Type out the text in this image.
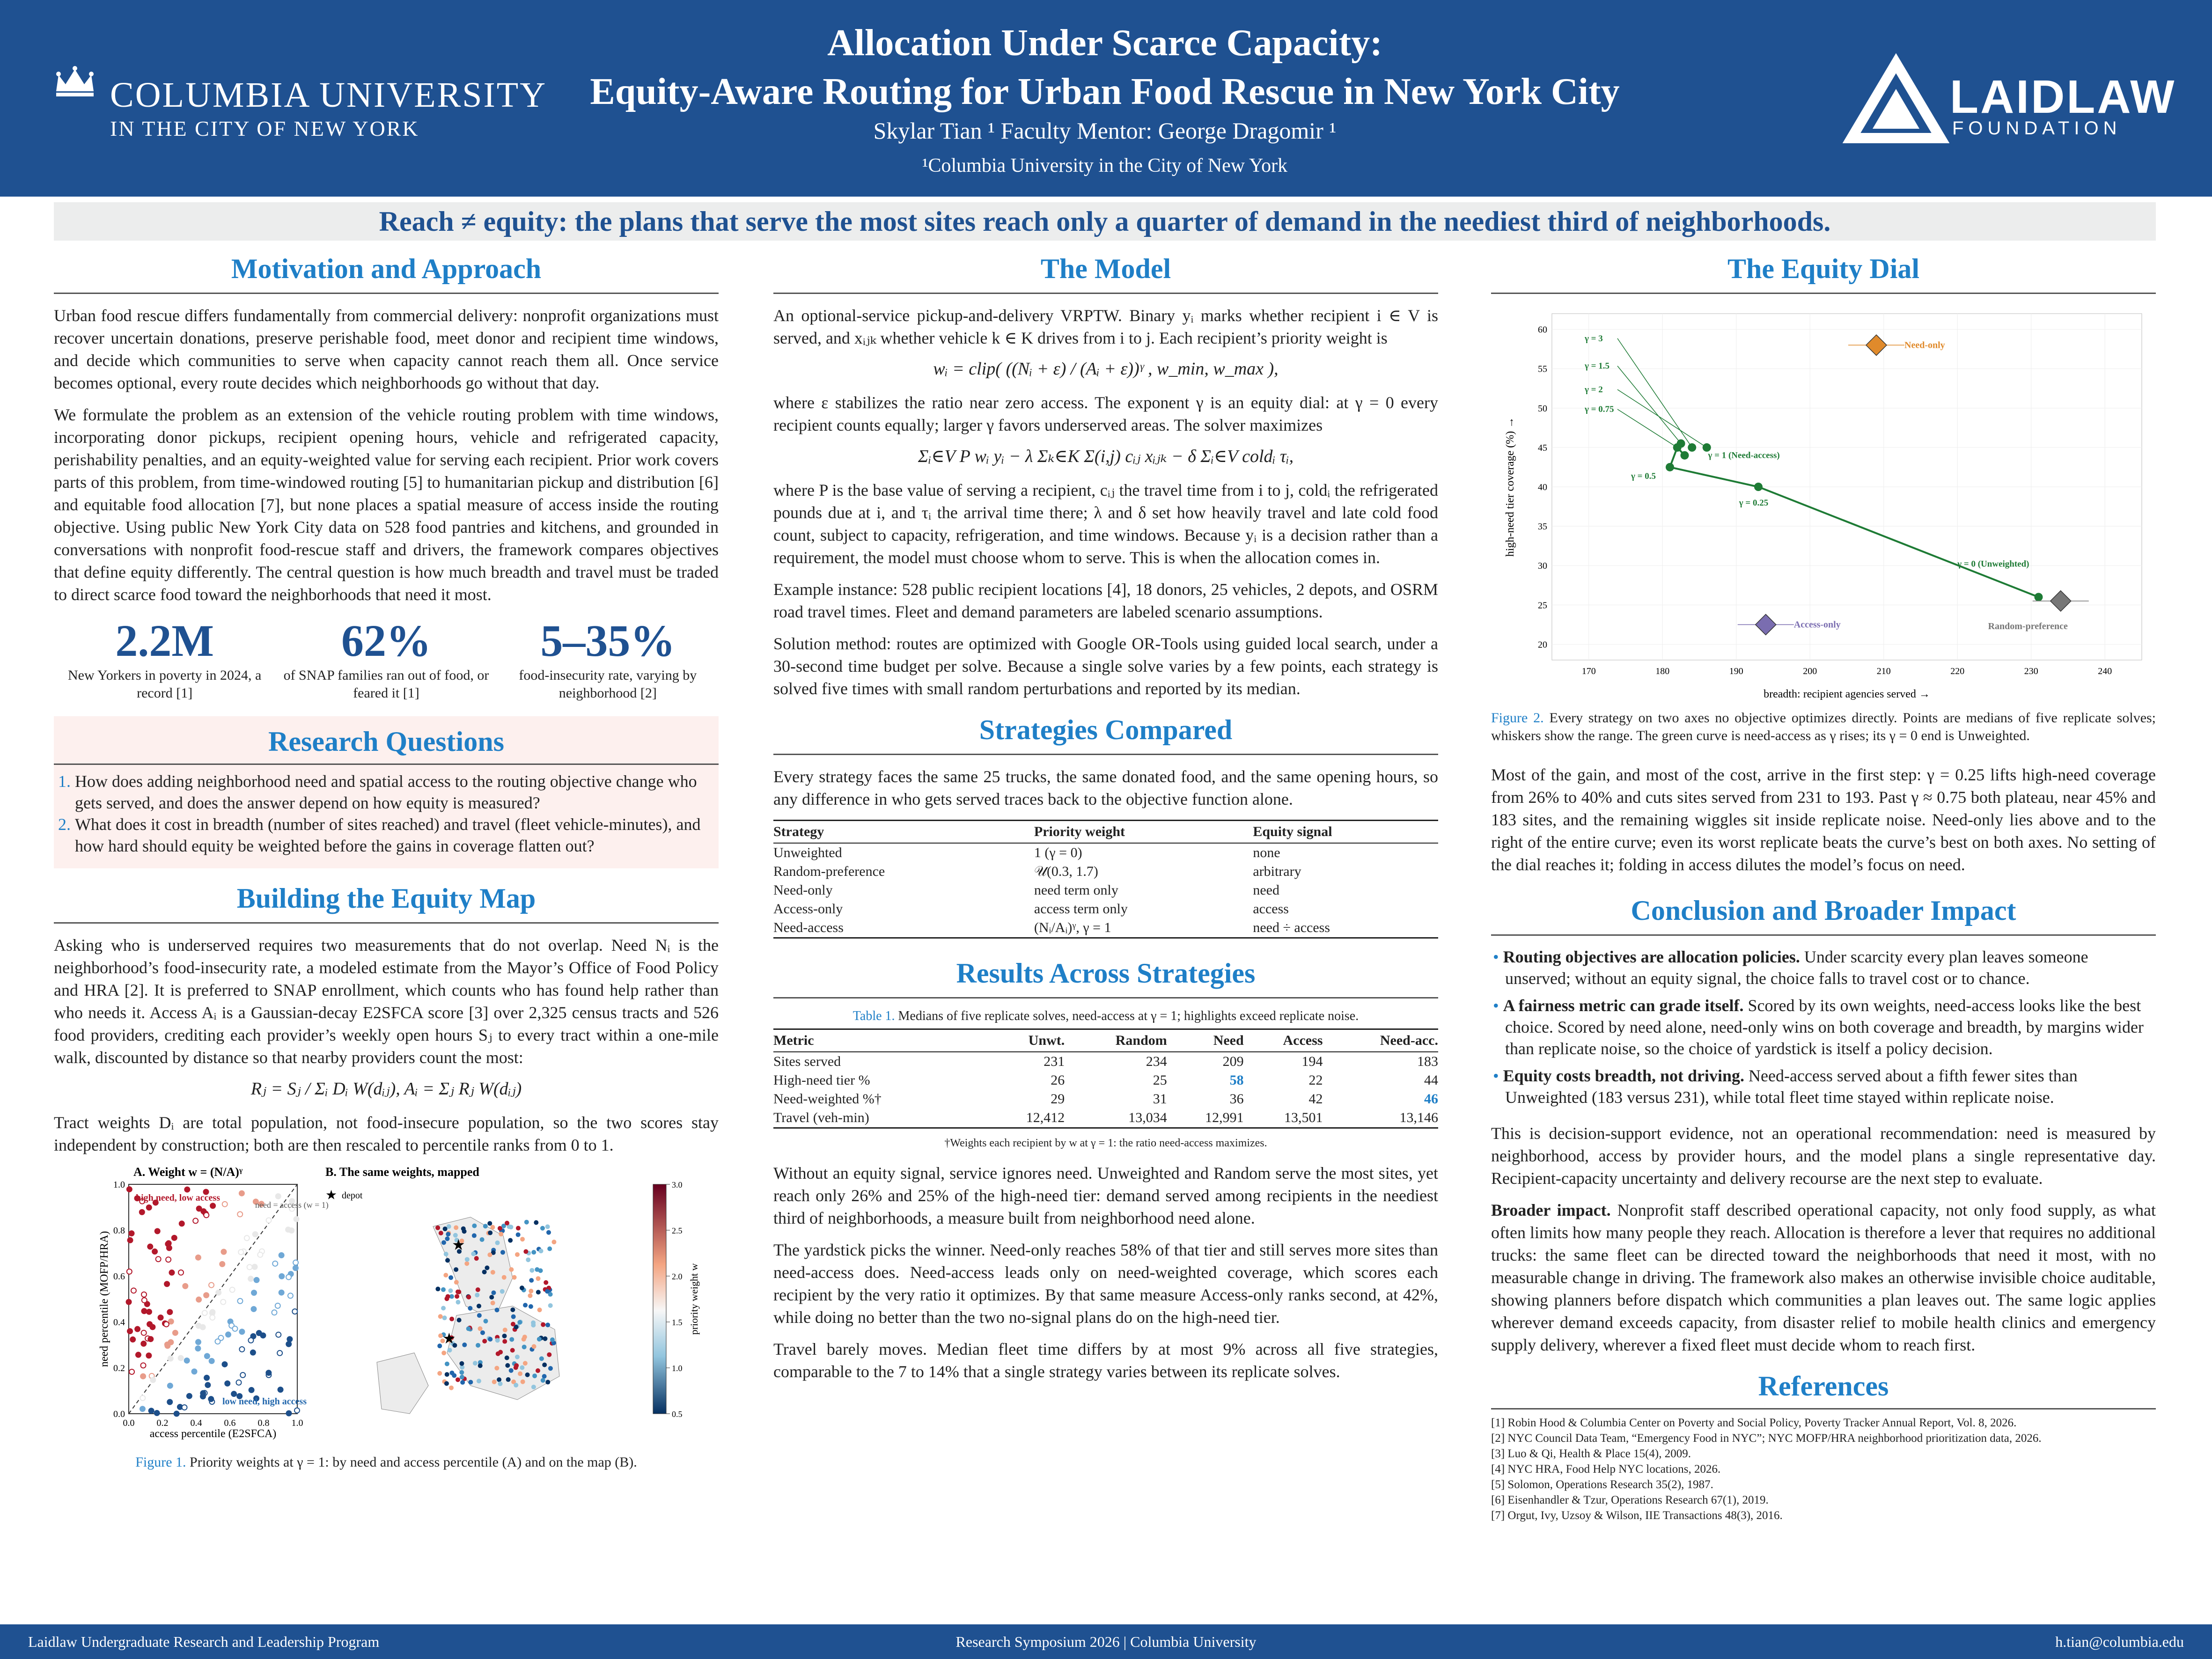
COLUMBIA UNIVERSITY
IN THE CITY OF NEW YORK
Allocation Under Scarce Capacity:
Equity-Aware Routing for Urban Food Rescue in New York City
Skylar Tian ¹ Faculty Mentor: George Dragomir ¹
¹Columbia University in the City of New York
LAIDLAW
FOUNDATION
Reach ≠ equity: the plans that serve the most sites reach only a quarter of demand in the neediest third of neighborhoods.
Motivation and Approach

Urban food rescue differs fundamentally from commercial delivery: nonprofit organizations must recover uncertain donations, preserve perishable food, meet donor and recipient time windows, and decide which communities to serve when capacity cannot reach them all. Once service becomes optional, every route decides which neighborhoods go without that day.

We formulate the problem as an extension of the vehicle routing problem with time windows, incorporating donor pickups, recipient opening hours, vehicle and refrigerated capacity, perishability penalties, and an equity-weighted value for serving each recipient. Prior work covers parts of this problem, from time-windowed routing [5] to humanitarian pickup and distribution [6] and equitable food allocation [7], but none places a spatial measure of access inside the routing objective. Using public New York City data on 528 food pantries and kitchens, and grounded in conversations with nonprofit food-rescue staff and drivers, the framework compares objectives that define equity differently. The central question is how much breadth and travel must be traded to direct scarce food toward the neighborhoods that need it most.

2.2M
New Yorkers in poverty in 2024, a record [1]
62%
of SNAP families ran out of food, or feared it [1]
5–35%
food-insecurity rate, varying by neighborhood [2]
Research Questions
1. How does adding neighborhood need and spatial access to the routing objective change who gets served, and does the answer depend on how equity is measured?
2. What does it cost in breadth (number of sites reached) and travel (fleet vehicle-minutes), and how hard should equity be weighted before the gains in coverage flatten out?
Building the Equity Map

Asking who is underserved requires two measurements that do not overlap. Need Nᵢ is the neighborhood’s food-insecurity rate, a modeled estimate from the Mayor’s Office of Food Policy and HRA [2]. It is preferred to SNAP enrollment, which counts who has found help rather than who needs it. Access Aᵢ is a Gaussian-decay E2SFCA score [3] over 2,325 census tracts and 526 food providers, crediting each provider’s weekly open hours Sⱼ to every tract within a one-mile walk, discounted by distance so that nearby providers count the most:

Rⱼ = Sⱼ / Σᵢ Dᵢ W(dᵢⱼ), Aᵢ = Σⱼ Rⱼ W(dᵢⱼ)

Tract weights Dᵢ are total population, not food-insecure population, so the two scores stay independent by construction; both are then rescaled to percentile ranks from 0 to 1.

A. Weight w = (N/A)ᵞ
high need, low access
need = access (w = 1)
low need, high access
access percentile (E2SFCA)
need percentile (MOFP/HRA)
0.0 0.2 0.4 0.6 0.8 1.0
0.0
0.2
0.4
0.6
0.8
1.0
B. The same weights, mapped
★ depot
★
★
3.0
2.5
2.0
1.5
1.0
0.5
priority weight w
Figure 1. Priority weights at γ = 1: by need and access percentile (A) and on the map (B).
The Model

An optional-service pickup-and-delivery VRPTW. Binary yᵢ marks whether recipient i ∈ V is served, and xᵢⱼₖ whether vehicle k ∈ K drives from i to j. Each recipient’s priority weight is

wᵢ = clip( ((Nᵢ + ε) / (Aᵢ + ε))ᵞ , w_min, w_max ),

where ε stabilizes the ratio near zero access. The exponent γ is an equity dial: at γ = 0 every recipient counts equally; larger γ favors underserved areas. The solver maximizes

Σᵢ∈V P wᵢ yᵢ − λ Σₖ∈K Σ(i,j) cᵢⱼ xᵢⱼₖ − δ Σᵢ∈V coldᵢ τᵢ,

where P is the base value of serving a recipient, cᵢⱼ the travel time from i to j, coldᵢ the refrigerated pounds due at i, and τᵢ the arrival time there; λ and δ set how heavily travel and late cold food count, subject to capacity, refrigeration, and time windows. Because yᵢ is a decision rather than a requirement, the model must choose whom to serve. This is when the allocation comes in.

Example instance: 528 public recipient locations [4], 18 donors, 25 vehicles, 2 depots, and OSRM road travel times. Fleet and demand parameters are labeled scenario assumptions.

Solution method: routes are optimized with Google OR-Tools using guided local search, under a 30-second time budget per solve. Because a single solve varies by a few points, each strategy is solved five times with small random perturbations and reported by its median.

Strategies Compared

Every strategy faces the same 25 trucks, the same donated food, and the same opening hours, so any difference in who gets served traces back to the objective function alone.

Strategy	Priority weight	Equity signal
Unweighted	1 (γ = 0)	none
Random-preference	𝒰(0.3, 1.7)	arbitrary
Need-only	need term only	need
Access-only	access term only	access
Need-access	(Nᵢ/Aᵢ)ᵞ, γ = 1	need ÷ access
Results Across Strategies
Table 1. Medians of five replicate solves, need-access at γ = 1; highlights exceed replicate noise.
Metric	Unwt.	Random	Need	Access	Need-acc.
Sites served	231	234	209	194	183
High-need tier %	26	25	58	22	44
Need-weighted %†	29	31	36	42	46
Travel (veh-min)	12,412	13,034	12,991	13,501	13,146
†Weights each recipient by w at γ = 1: the ratio need-access maximizes.

Without an equity signal, service ignores need. Unweighted and Random serve the most sites, yet reach only 26% and 25% of the high-need tier: demand served among recipients in the neediest third of neighborhoods, a measure built from neighborhood need alone.

The yardstick picks the winner. Need-only reaches 58% of that tier and still serves more sites than need-access does. Need-access leads only on need-weighted coverage, which scores each recipient by the very ratio it optimizes. By that same measure Access-only ranks second, at 42%, while doing no better than the two no-signal plans do on the high-need tier.

Travel barely moves. Median fleet time differs by at most 9% across all five strategies, comparable to the 7 to 14% that a single strategy varies between its replicate solves.

The Equity Dial
170	180	190	200	210	220	230	240
20
25
30
35
40
45
50
55
60
γ = 0 (Unweighted)
γ = 0.25
γ = 0.5
γ = 0.75
γ = 1 (Need-access)
γ = 1.5
γ = 2
γ = 3
Need-only
Access-only	Random-preference
breadth: recipient agencies served →
high-need tier coverage (%) →
Figure 2. Every strategy on two axes no objective optimizes directly. Points are medians of five replicate solves; whiskers show the range. The green curve is need-access as γ rises; its γ = 0 end is Unweighted.

Most of the gain, and most of the cost, arrive in the first step: γ = 0.25 lifts high-need coverage from 26% to 40% and cuts sites served from 231 to 193. Past γ ≈ 0.75 both plateau, near 45% and 183 sites, and the remaining wiggles sit inside replicate noise. Need-only lies above and to the right of the entire curve; even its worst replicate beats the curve’s best on both axes. No setting of the dial reaches it; folding in access dilutes the model’s focus on need.

Conclusion and Broader Impact
• Routing objectives are allocation policies. Under scarcity every plan leaves someone unserved; without an equity signal, the choice falls to travel cost or to chance.
• A fairness metric can grade itself. Scored by its own weights, need-access looks like the best choice. Scored by need alone, need-only wins on both coverage and breadth, by margins wider than replicate noise, so the choice of yardstick is itself a policy decision.
• Equity costs breadth, not driving. Need-access served about a fifth fewer sites than Unweighted (183 versus 231), while total fleet time stayed within replicate noise.

This is decision-support evidence, not an operational recommendation: need is measured by neighborhood, access by provider hours, and the model plans a single representative day. Recipient-capacity uncertainty and delivery recourse are the next step to evaluate.

Broader impact. Nonprofit staff described operational capacity, not only food supply, as what often limits how many people they reach. Allocation is therefore a lever that requires no additional trucks: the same fleet can be directed toward the neighborhoods that need it most, with no measurable change in driving. The framework also makes an otherwise invisible choice auditable, showing planners before dispatch which communities a plan leaves out. The same logic applies wherever demand exceeds capacity, from disaster relief to mobile health clinics and emergency supply delivery, wherever a fixed fleet must decide whom to reach first.

References
[1] Robin Hood & Columbia Center on Poverty and Social Policy, Poverty Tracker Annual Report, Vol. 8, 2026.
[2] NYC Council Data Team, “Emergency Food in NYC”; NYC MOFP/HRA neighborhood prioritization data, 2026.
[3] Luo & Qi, Health & Place 15(4), 2009.
[4] NYC HRA, Food Help NYC locations, 2026.
[5] Solomon, Operations Research 35(2), 1987.
[6] Eisenhandler & Tzur, Operations Research 67(1), 2019.
[7] Orgut, Ivy, Uzsoy & Wilson, IIE Transactions 48(3), 2016.
Laidlaw Undergraduate Research and Leadership Program	Research Symposium 2026 | Columbia University	h.tian@columbia.edu
